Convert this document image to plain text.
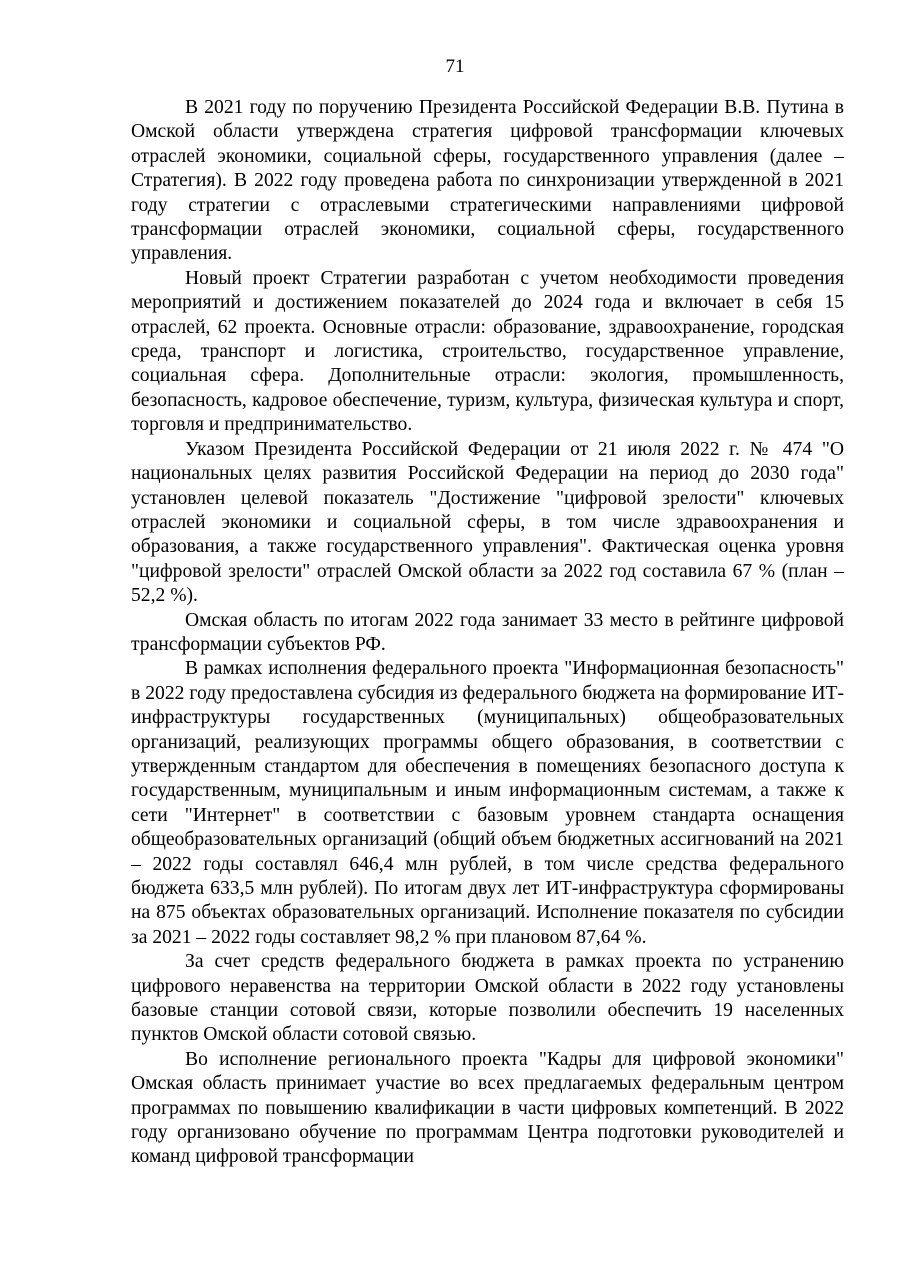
71

В 2021 году по поручению Президента Российской Федерации В.В. Путина в Омской области утверждена стратегия цифровой трансформации ключевых отраслей экономики, социальной сферы, государственного управления (далее – Стратегия). В 2022 году проведена работа по синхронизации утвержденной в 2021 году стратегии с отраслевыми стратегическими направлениями цифровой трансформации отраслей экономики, социальной сферы, государственного управления.

Новый проект Стратегии разработан с учетом необходимости проведения мероприятий и достижением показателей до 2024 года и включает в себя 15 отраслей, 62 проекта. Основные отрасли: образование, здравоохранение, городская среда, транспорт и логистика, строительство, государственное управление, социальная сфера. Дополнительные отрасли: экология, промышленность, безопасность, кадровое обеспечение, туризм, культура, физическая культура и спорт, торговля и предпринимательство.

Указом Президента Российской Федерации от 21 июля 2022 г. № 474 "О национальных целях развития Российской Федерации на период до 2030 года" установлен целевой показатель "Достижение "цифровой зрелости" ключевых отраслей экономики и социальной сферы, в том числе здравоохранения и образования, а также государственного управления". Фактическая оценка уровня "цифровой зрелости" отраслей Омской области за 2022 год составила 67 % (план – 52,2 %).

Омская область по итогам 2022 года занимает 33 место в рейтинге цифровой трансформации субъектов РФ.

В рамках исполнения федерального проекта "Информационная безопасность" в 2022 году предоставлена субсидия из федерального бюджета на формирование ИТ-инфраструктуры государственных (муниципальных) общеобразовательных организаций, реализующих программы общего образования, в соответствии с утвержденным стандартом для обеспечения в помещениях безопасного доступа к государственным, муниципальным и иным информационным системам, а также к сети "Интернет" в соответствии с базовым уровнем стандарта оснащения общеобразовательных организаций (общий объем бюджетных ассигнований на 2021 – 2022 годы составлял 646,4 млн рублей, в том числе средства федерального бюджета 633,5 млн рублей). По итогам двух лет ИТ-инфраструктура сформированы на 875 объектах образовательных организаций. Исполнение показателя по субсидии за 2021 – 2022 годы составляет 98,2 % при плановом 87,64 %.

За счет средств федерального бюджета в рамках проекта по устранению цифрового неравенства на территории Омской области в 2022 году установлены базовые станции сотовой связи, которые позволили обеспечить 19 населенных пунктов Омской области сотовой связью.

Во исполнение регионального проекта "Кадры для цифровой экономики" Омская область принимает участие во всех предлагаемых федеральным центром программах по повышению квалификации в части цифровых компетенций. В 2022 году организовано обучение по программам Центра подготовки руководителей и команд цифровой трансформации
